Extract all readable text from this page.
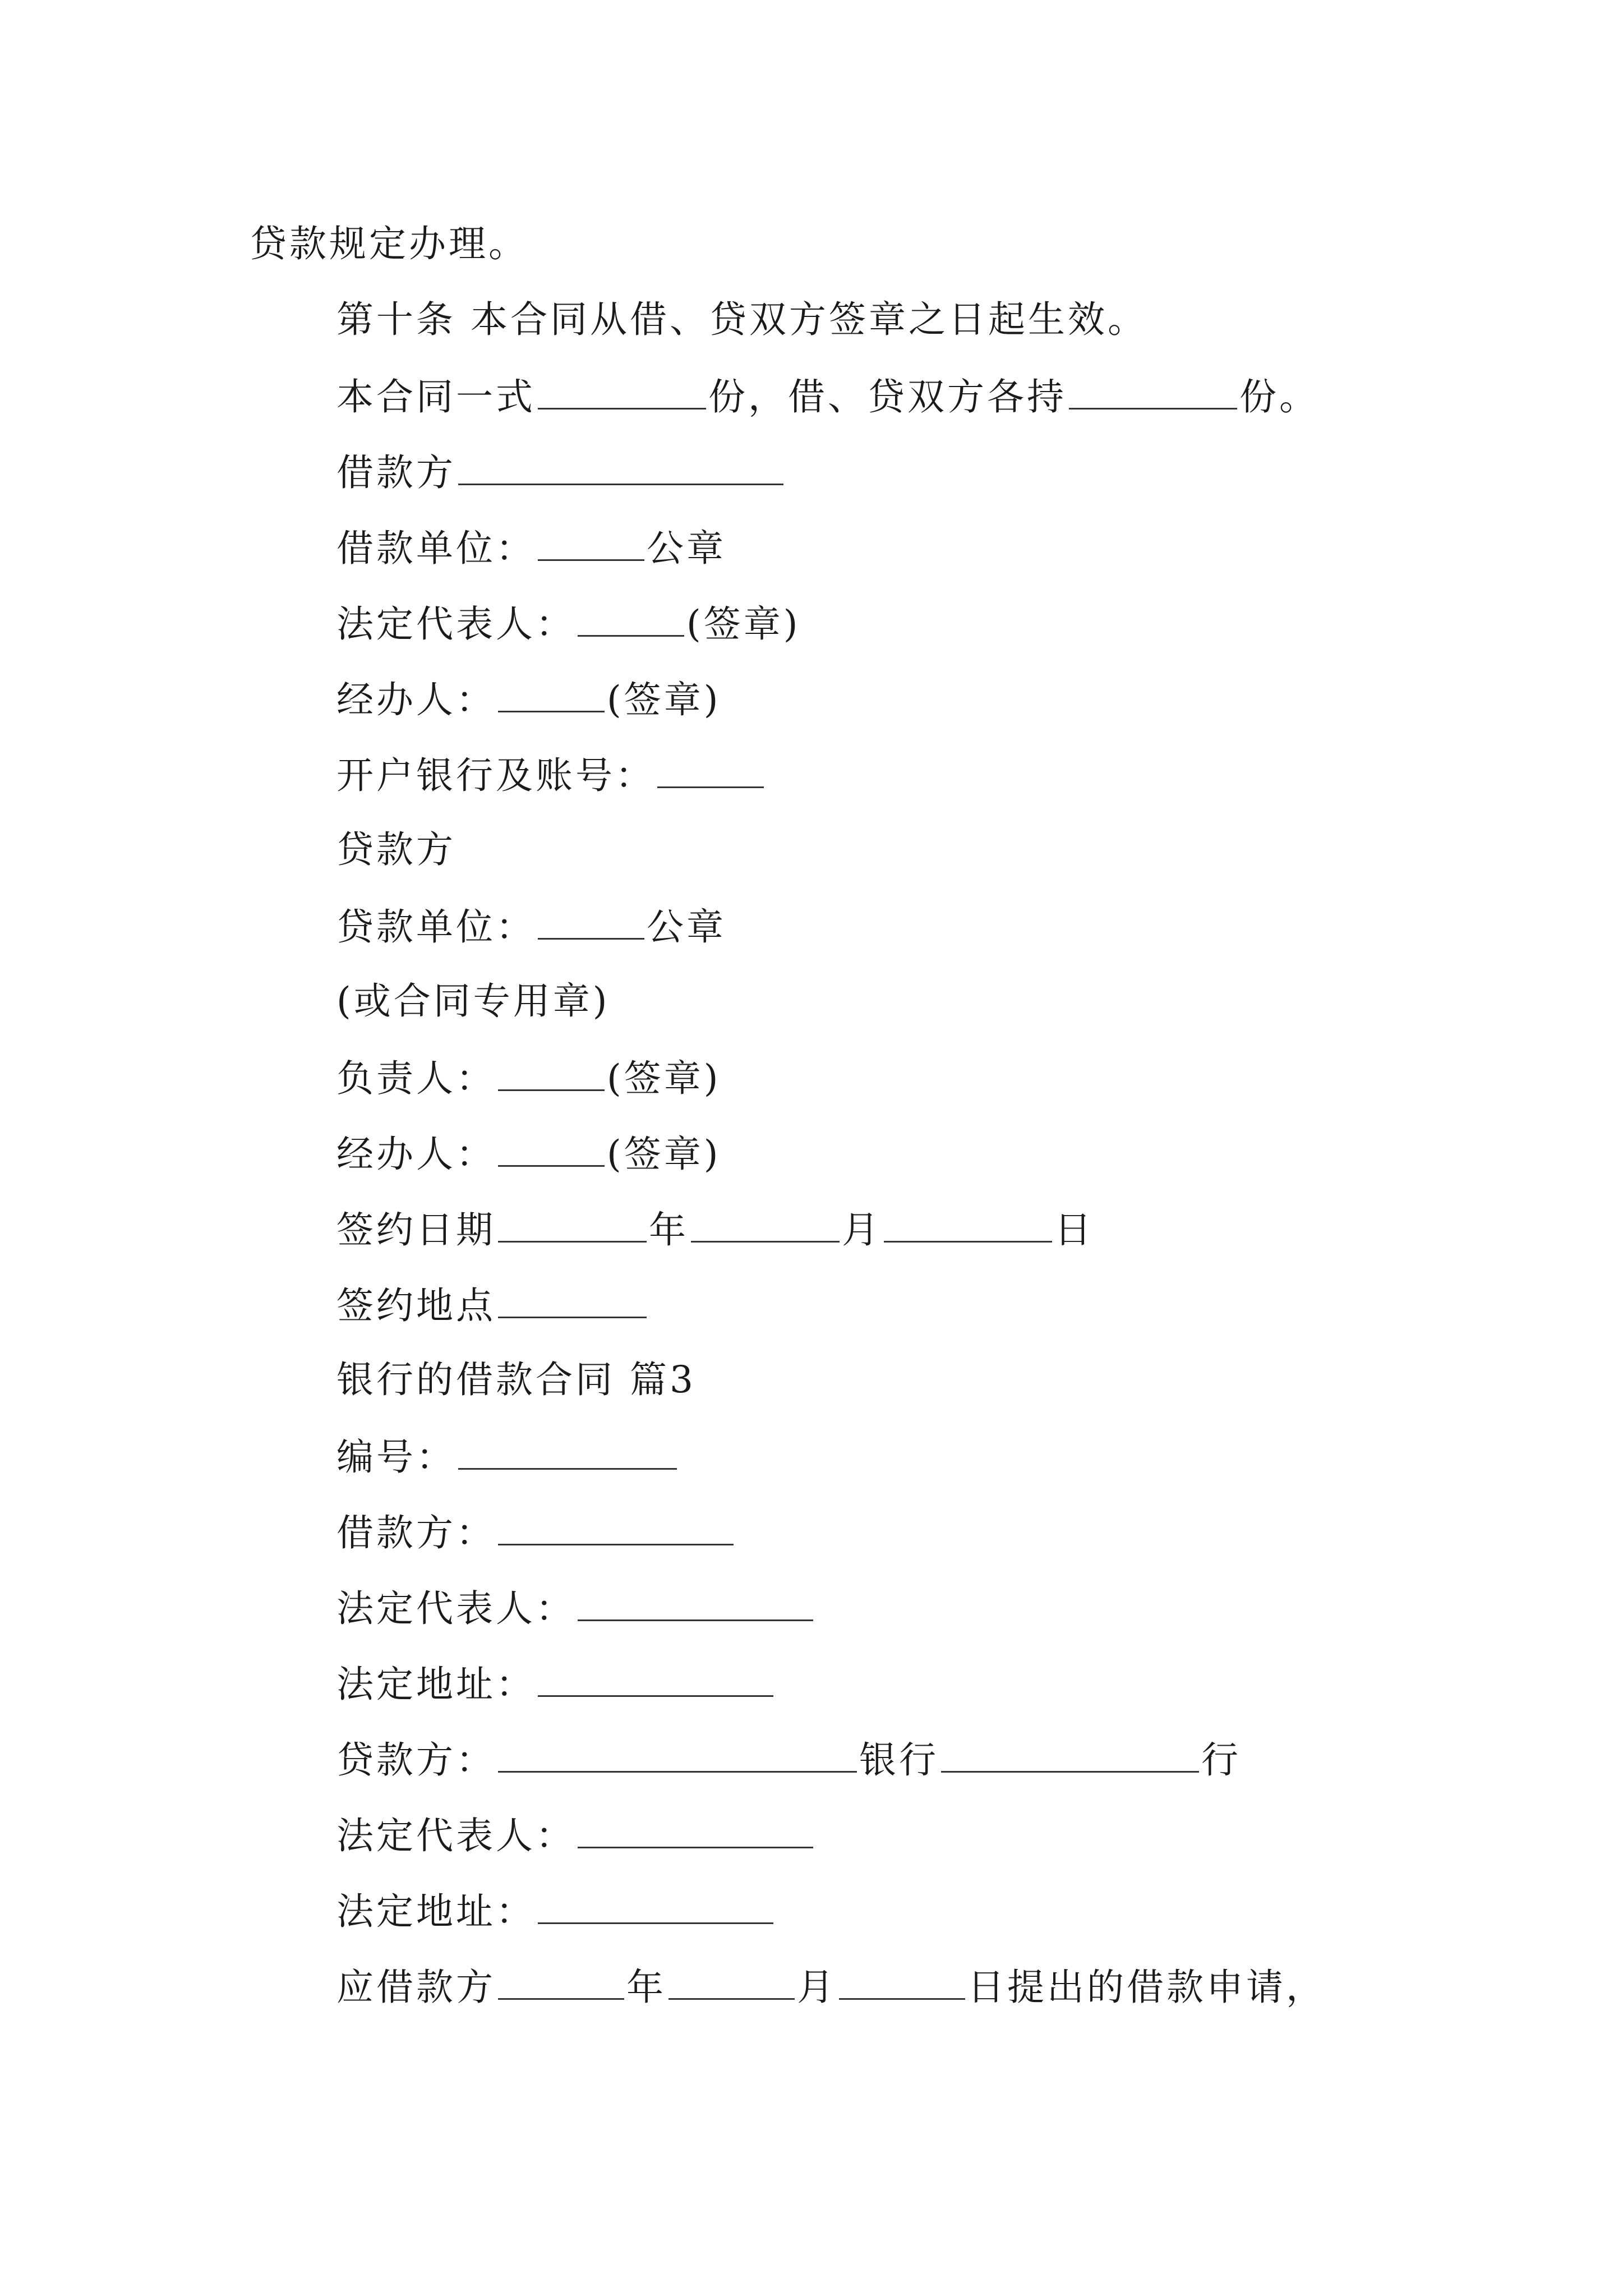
贷款规定办理。
第十条 本合同从借、贷双方签章之日起生效。
本合同一式	份，借、贷双方各持	份。
借款方
借款单位：	公章
法定代表人：	(签章)
经办人：	(签章)
开户银行及账号：
贷款方
贷款单位：	公章
(或合同专用章)
负责人：	(签章)
经办人：	(签章)
签约日期	年	月	日
签约地点
银行的借款合同 篇3
编号：
借款方：
法定代表人：
法定地址：
贷款方：	银行	行
法定代表人：
法定地址：
应借款方	年	月	日提出的借款申请，
